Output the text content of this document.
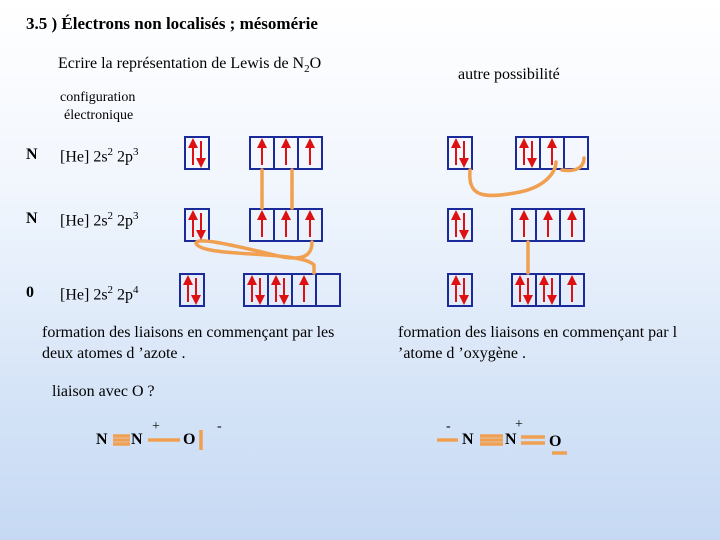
3.5 ) Électrons non localisés ; mésomérie
Ecrire la représentation de Lewis de $N_2O$
autre possibilité
configuration
électronique
N [He] $2s^2$ $2p^3$
N [He] $2s^2$ $2p^3$
0 [He] $2s^2$ $2p^4$
formation des liaisons en commençant par les deux atomes d ’azote .
formation des liaisons en commençant par l ’atome d ’oxygène .
liaison avec O ?
N N
+
O
-	-
N
+
N O
